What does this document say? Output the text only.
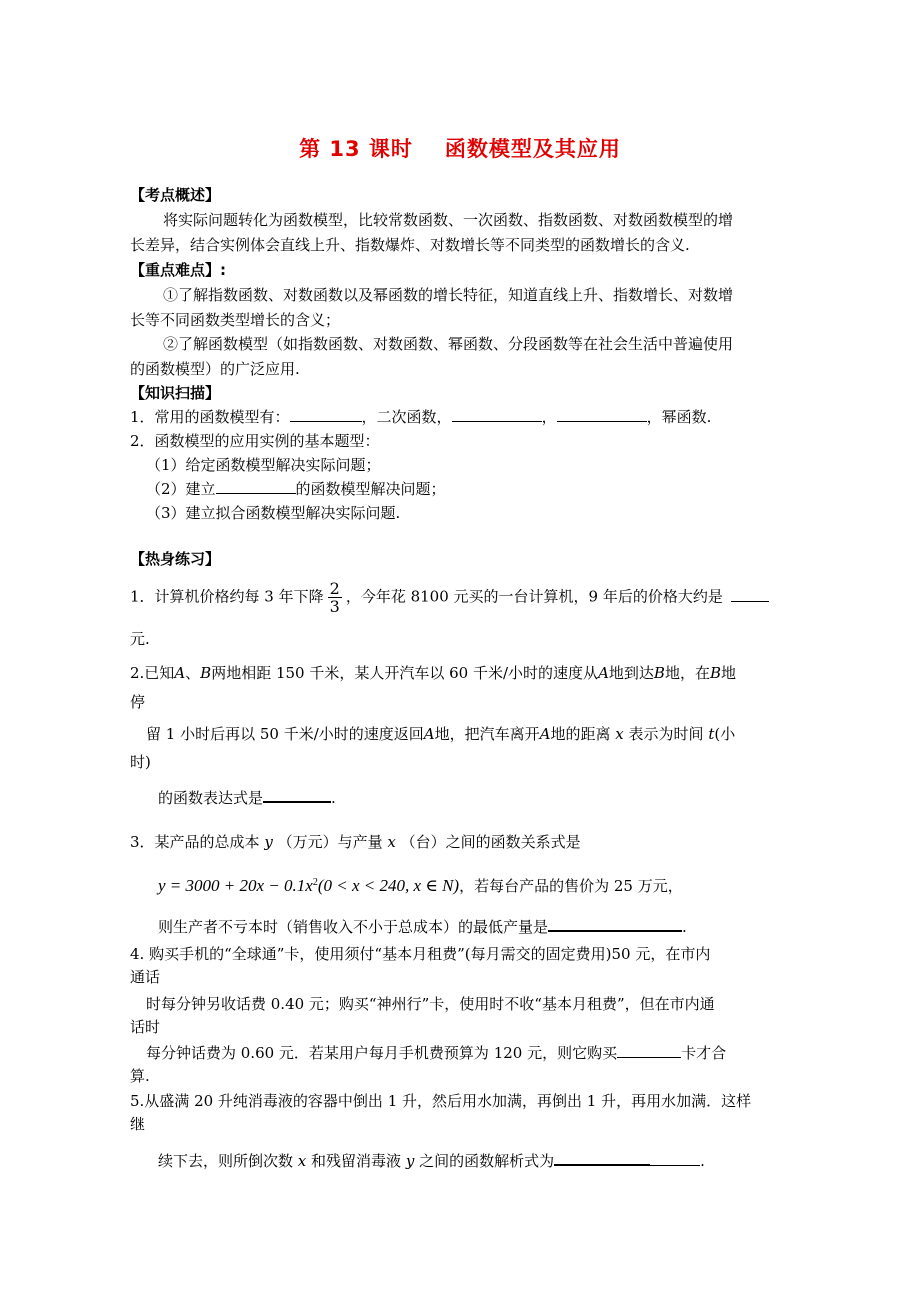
第 13 课时 函数模型及其应用
【考点概述】
将实际问题转化为函数模型，比较常数函数、一次函数、指数函数、对数函数模型的增
长差异，结合实例体会直线上升、指数爆炸、对数增长等不同类型的函数增长的含义.
【重点难点】:
①了解指数函数、对数函数以及幂函数的增长特征，知道直线上升、指数增长、对数增
长等不同函数类型增长的含义；
②了解函数模型（如指数函数、对数函数、幂函数、分段函数等在社会生活中普遍使用
的函数模型）的广泛应用.
【知识扫描】
1．常用的函数模型有：	，二次函数，	，	，幂函数.
2．函数模型的应用实例的基本题型：
（1）给定函数模型解决实际问题；
（2）建立	的函数模型解决问题；
（3）建立拟合函数模型解决实际问题.
【热身练习】
1．计算机价格约每 3 年下降 $\frac{2}{3}$ ，今年花 8100 元买的一台计算机，9 年后的价格大约是
元.
2.已知A、B两地相距 150 千米，某人开汽车以 60 千米/小时的速度从A地到达B地，在B地
停
留 1 小时后再以 50 千米/小时的速度返回A地，把汽车离开A地的距离 x 表示为时间 t(小
时)
的函数表达式是	.
3．某产品的总成本 y （万元）与产量 x （台）之间的函数关系式是
$y = 3000 + 20x - 0.1x^2(0 < x < 240$, x ∈ N)，若每台产品的售价为 25 万元，
则生产者不亏本时（销售收入不小于总成本）的最低产量是	.
4. 购买手机的“全球通”卡，使用须付“基本月租费”(每月需交的固定费用)50 元，在市内
通话
时每分钟另收话费 0.40 元；购买“神州行”卡，使用时不收“基本月租费”，但在市内通
话时
每分钟话费为 0.60 元．若某用户每月手机费预算为 120 元，则它购买	卡才合
算.
5.从盛满 20 升纯消毒液的容器中倒出 1 升，然后用水加满，再倒出 1 升，再用水加满．这样
继
续下去，则所倒次数 x 和残留消毒液 y 之间的函数解析式为	.
